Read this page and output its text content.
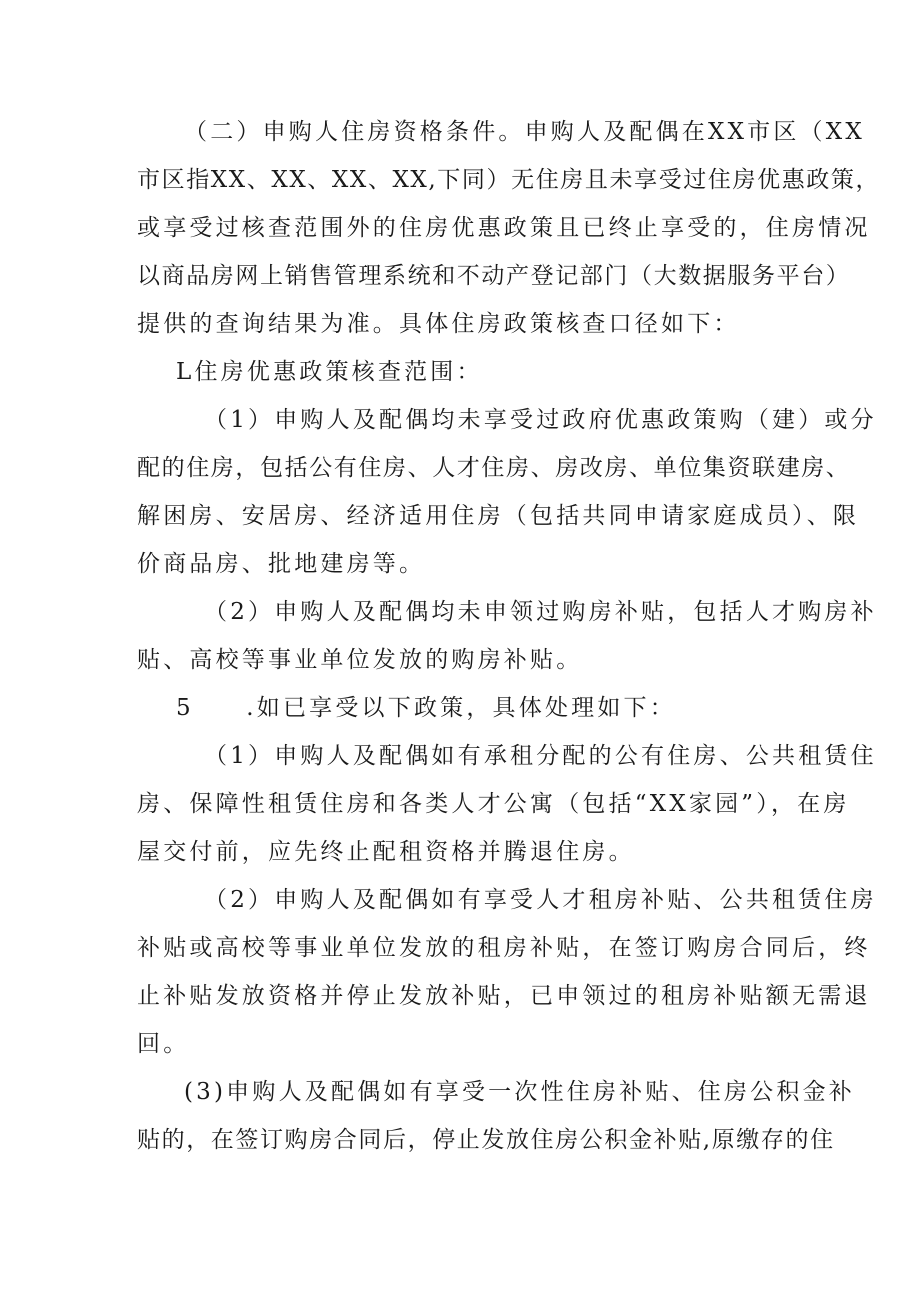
（二）申购人住房资格条件。申购人及配偶在XX市区（XX
市区指XX、XX、XX、XX,下同）无住房且未享受过住房优惠政策，
或享受过核查范围外的住房优惠政策且已终止享受的，住房情况
以商品房网上销售管理系统和不动产登记部门（大数据服务平台）
提供的查询结果为准。具体住房政策核查口径如下：
L住房优惠政策核查范围：
（1）申购人及配偶均未享受过政府优惠政策购（建）或分
配的住房，包括公有住房、人才住房、房改房、单位集资联建房、
解困房、安居房、经济适用住房（包括共同申请家庭成员）、限
价商品房、批地建房等。
（2）申购人及配偶均未申领过购房补贴，包括人才购房补
贴、高校等事业单位发放的购房补贴。
5　　.如已享受以下政策，具体处理如下：
（1）申购人及配偶如有承租分配的公有住房、公共租赁住
房、保障性租赁住房和各类人才公寓（包括“XX家园”），在房
屋交付前，应先终止配租资格并腾退住房。
（2）申购人及配偶如有享受人才租房补贴、公共租赁住房
补贴或高校等事业单位发放的租房补贴，在签订购房合同后，终
止补贴发放资格并停止发放补贴，已申领过的租房补贴额无需退
回。
(3)申购人及配偶如有享受一次性住房补贴、住房公积金补
贴的，在签订购房合同后，停止发放住房公积金补贴,原缴存的住
